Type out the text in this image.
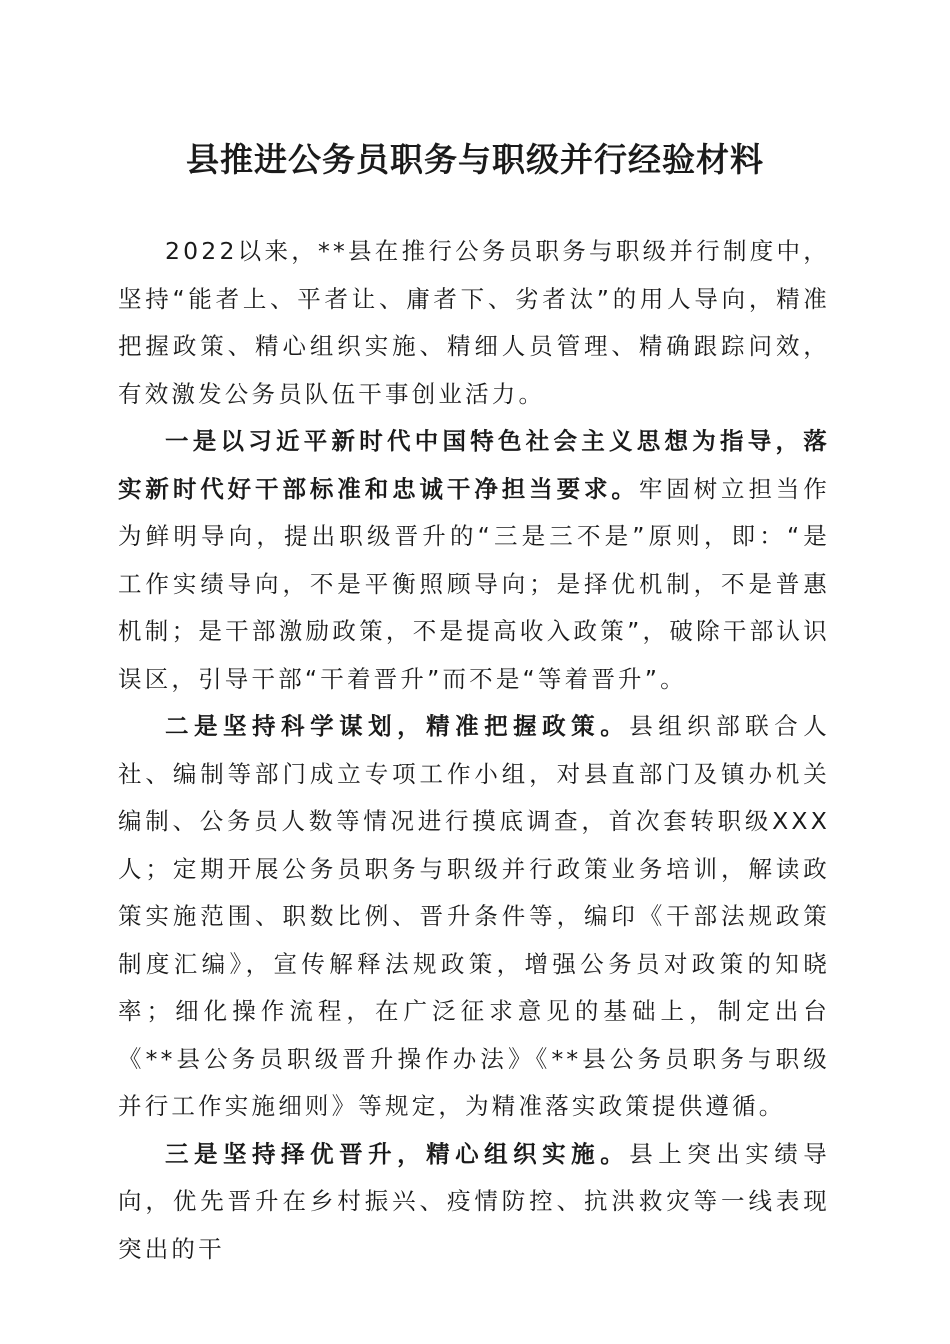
县推进公务员职务与职级并行经验材料

2022以来，**县在推行公务员职务与职级并行制度中，坚持“能者上、平者让、庸者下、劣者汰”的用人导向，精准把握政策、精心组织实施、精细人员管理、精确跟踪问效，有效激发公务员队伍干事创业活力。

一是以习近平新时代中国特色社会主义思想为指导，落实新时代好干部标准和忠诚干净担当要求。牢固树立担当作为鲜明导向，提出职级晋升的“三是三不是”原则，即：“是工作实绩导向，不是平衡照顾导向；是择优机制，不是普惠机制；是干部激励政策，不是提高收入政策”，破除干部认识误区，引导干部“干着晋升”而不是“等着晋升”。

二是坚持科学谋划，精准把握政策。县组织部联合人社、编制等部门成立专项工作小组，对县直部门及镇办机关编制、公务员人数等情况进行摸底调查，首次套转职级XXX人；定期开展公务员职务与职级并行政策业务培训，解读政策实施范围、职数比例、晋升条件等，编印《干部法规政策制度汇编》，宣传解释法规政策，增强公务员对政策的知晓率；细化操作流程，在广泛征求意见的基础上，制定出台《**县公务员职级晋升操作办法》《**县公务员职务与职级并行工作实施细则》等规定，为精准落实政策提供遵循。

三是坚持择优晋升，精心组织实施。县上突出实绩导向，优先晋升在乡村振兴、疫情防控、抗洪救灾等一线表现突出的干
